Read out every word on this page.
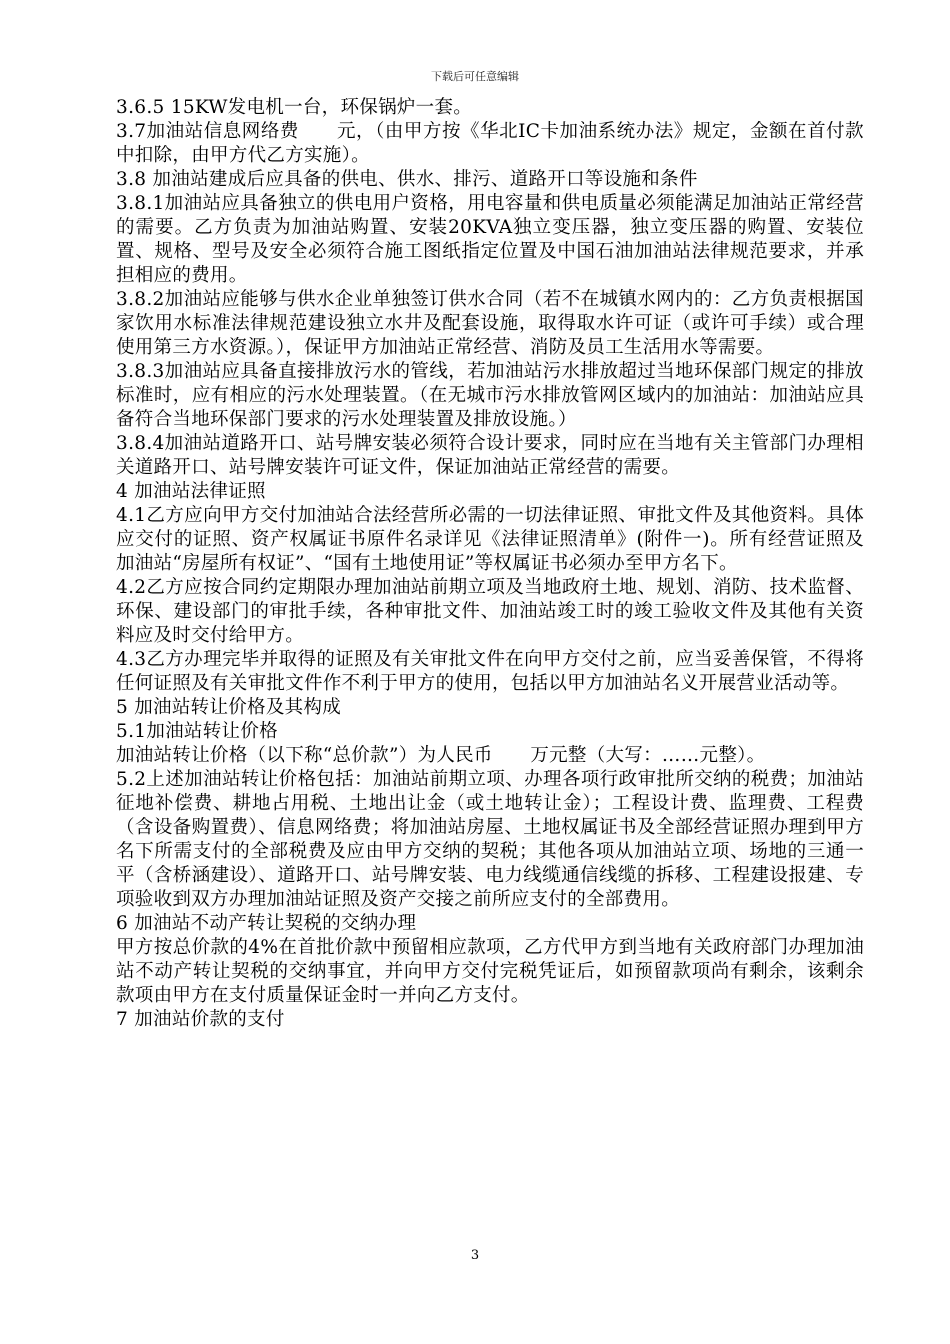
下载后可任意编辑

3.6.5 15KW发电机一台，环保锅炉一套。

3.7加油站信息网络费　　元，（由甲方按《华北IC卡加油系统办法》规定，金额在首付款中扣除，由甲方代乙方实施）。

3.8 加油站建成后应具备的供电、供水、排污、道路开口等设施和条件

3.8.1加油站应具备独立的供电用户资格，用电容量和供电质量必须能满足加油站正常经营的需要。乙方负责为加油站购置、安装20KVA独立变压器，独立变压器的购置、安装位置、规格、型号及安全必须符合施工图纸指定位置及中国石油加油站法律规范要求，并承担相应的费用。

3.8.2加油站应能够与供水企业单独签订供水合同（若不在城镇水网内的：乙方负责根据国家饮用水标准法律规范建设独立水井及配套设施，取得取水许可证（或许可手续）或合理使用第三方水资源。），保证甲方加油站正常经营、消防及员工生活用水等需要。

3.8.3加油站应具备直接排放污水的管线，若加油站污水排放超过当地环保部门规定的排放标准时，应有相应的污水处理装置。（在无城市污水排放管网区域内的加油站：加油站应具备符合当地环保部门要求的污水处理装置及排放设施。）

3.8.4加油站道路开口、站号牌安装必须符合设计要求，同时应在当地有关主管部门办理相关道路开口、站号牌安装许可证文件，保证加油站正常经营的需要。

4 加油站法律证照

4.1乙方应向甲方交付加油站合法经营所必需的一切法律证照、审批文件及其他资料。具体应交付的证照、资产权属证书原件名录详见《法律证照清单》(附件一)。所有经营证照及加油站“房屋所有权证”、“国有土地使用证”等权属证书必须办至甲方名下。

4.2乙方应按合同约定期限办理加油站前期立项及当地政府土地、规划、消防、技术监督、环保、建设部门的审批手续，各种审批文件、加油站竣工时的竣工验收文件及其他有关资料应及时交付给甲方。

4.3乙方办理完毕并取得的证照及有关审批文件在向甲方交付之前，应当妥善保管，不得将任何证照及有关审批文件作不利于甲方的使用，包括以甲方加油站名义开展营业活动等。

5 加油站转让价格及其构成

5.1加油站转让价格

加油站转让价格（以下称“总价款”）为人民币　　万元整（大写：……元整）。

5.2上述加油站转让价格包括：加油站前期立项、办理各项行政审批所交纳的税费；加油站征地补偿费、耕地占用税、土地出让金（或土地转让金）；工程设计费、监理费、工程费（含设备购置费）、信息网络费；将加油站房屋、土地权属证书及全部经营证照办理到甲方名下所需支付的全部税费及应由甲方交纳的契税；其他各项从加油站立项、场地的三通一平（含桥涵建设）、道路开口、站号牌安装、电力线缆通信线缆的拆移、工程建设报建、专项验收到双方办理加油站证照及资产交接之前所应支付的全部费用。

6 加油站不动产转让契税的交纳办理

甲方按总价款的4%在首批价款中预留相应款项，乙方代甲方到当地有关政府部门办理加油站不动产转让契税的交纳事宜，并向甲方交付完税凭证后，如预留款项尚有剩余，该剩余款项由甲方在支付质量保证金时一并向乙方支付。

7 加油站价款的支付

3
